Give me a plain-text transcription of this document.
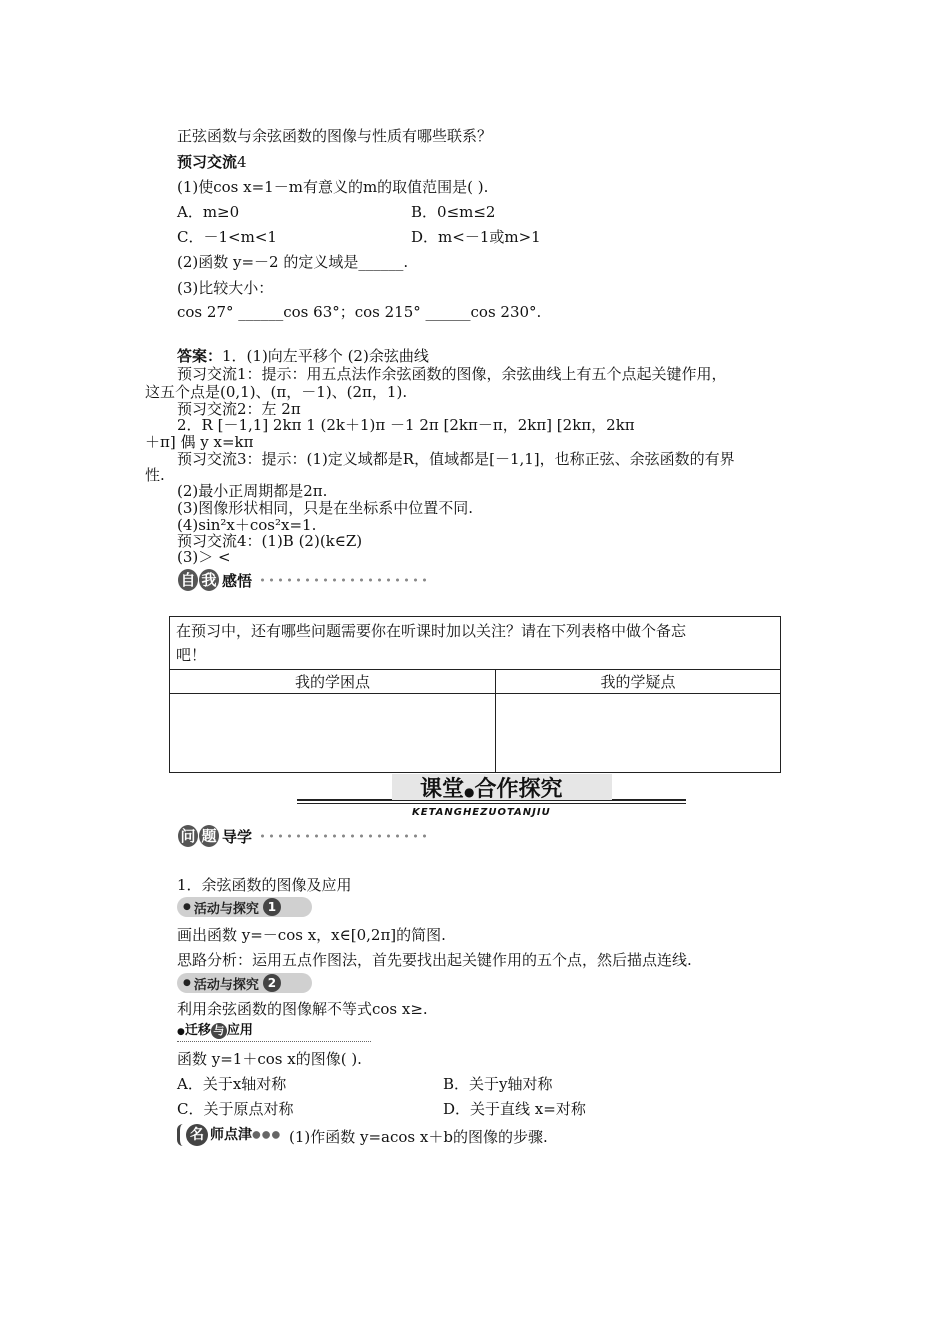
正弦函数与余弦函数的图像与性质有哪些联系？
预习交流4
(1)使cos x=1－m有意义的m的取值范围是( ).
A．m≥0	B．0≤m≤2
C．－1<m<1	D．m<－1或m>1
(2)函数 y=－2 的定义域是______.
(3)比较大小：
cos 27° ______cos 63°；cos 215° ______cos 230°.
答案：1．(1)向左平移个 (2)余弦曲线
预习交流1：提示：用五点法作余弦函数的图像，余弦曲线上有五个点起关键作用，
这五个点是(0,1)、(π，－1)、(2π，1).
预习交流2：左 2π
2．R [－1,1] 2kπ 1 (2k＋1)π －1 2π [2kπ－π，2kπ] [2kπ，2kπ
＋π] 偶 y x=kπ
预习交流3：提示：(1)定义域都是R，值域都是[－1,1]，也称正弦、余弦函数的有界
性.
(2)最小正周期都是2π.
(3)图像形状相同，只是在坐标系中位置不同.
(4)sin²x＋cos²x=1.
预习交流4：(1)B (2)(k∈Z)
(3)＞ <
自 我 感悟
在预习中，还有哪些问题需要你在听课时加以关注？请在下列表格中做个备忘
吧！	

我的学困点	我的学疑点

课堂●合作探究
KETANGHEZUOTANJIU
问 题 导学
1．余弦函数的图像及应用
● 活动与探究 1
画出函数 y=－cos x，x∈[0,2π]的简图.
思路分析：运用五点作图法，首先要找出起关键作用的五个点，然后描点连线.
● 活动与探究 2
利用余弦函数的图像解不等式cos x≥.
●迁移 与 应用
函数 y=1＋cos x的图像( ).
A．关于x轴对称	B．关于y轴对称
C．关于原点对称	D．关于直线 x=对称
名 师点津●●● (1)作函数 y=acos x＋b的图像的步骤.
